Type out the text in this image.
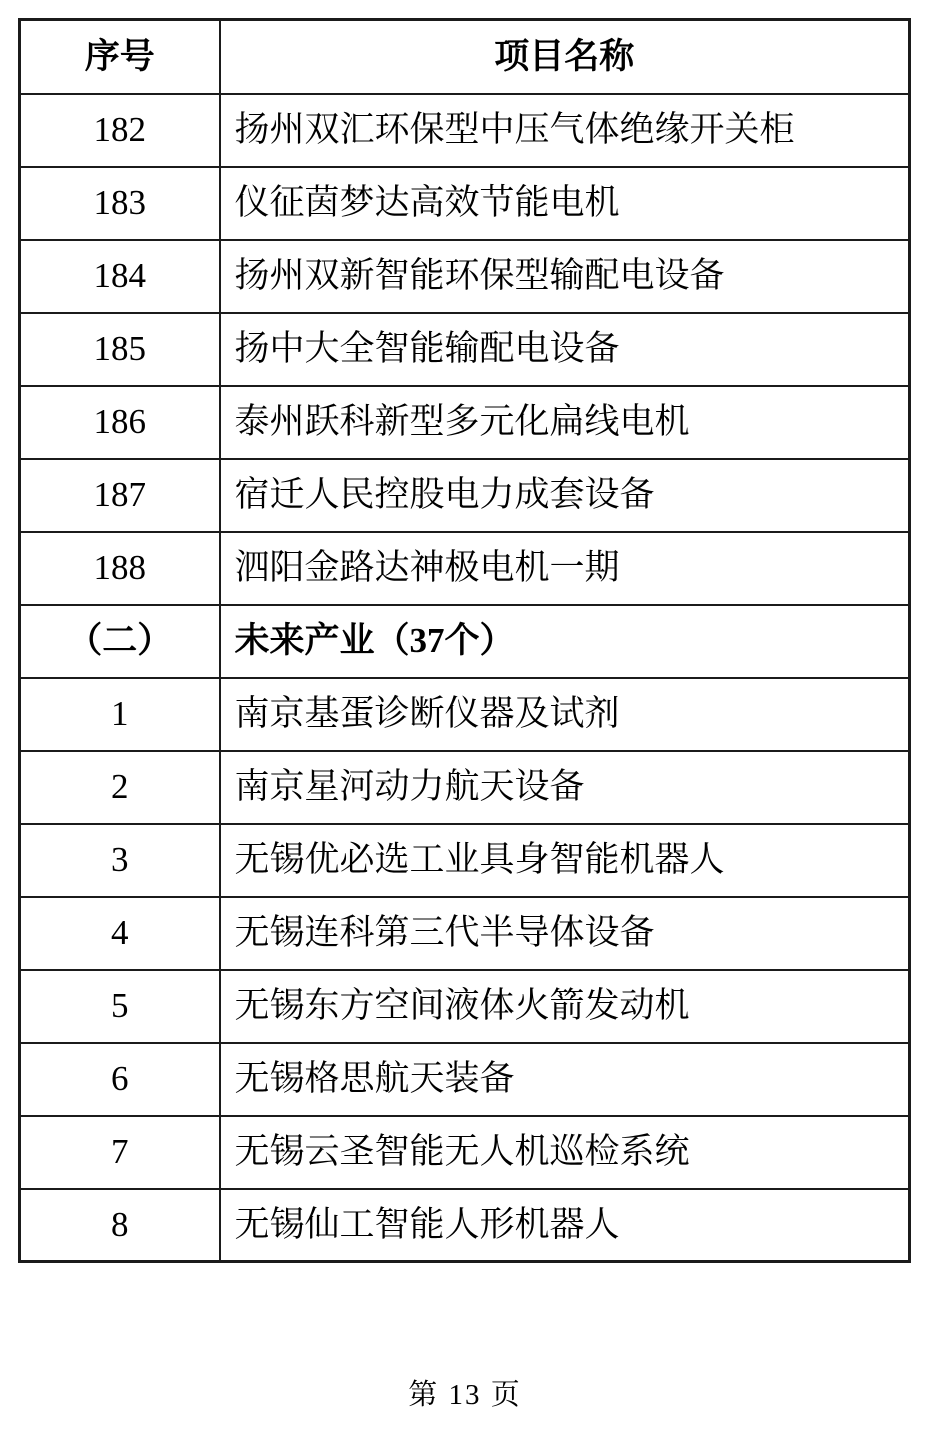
序号	项目名称
182	扬州双汇环保型中压气体绝缘开关柜
183	仪征茵梦达高效节能电机
184	扬州双新智能环保型输配电设备
185	扬中大全智能输配电设备
186	泰州跃科新型多元化扁线电机
187	宿迁人民控股电力成套设备
188	泗阳金路达神极电机一期
（二）	未来产业（37个）
1	南京基蛋诊断仪器及试剂
2	南京星河动力航天设备
3	无锡优必选工业具身智能机器人
4	无锡连科第三代半导体设备
5	无锡东方空间液体火箭发动机
6	无锡格思航天装备
7	无锡云圣智能无人机巡检系统
8	无锡仙工智能人形机器人
第 13 页
